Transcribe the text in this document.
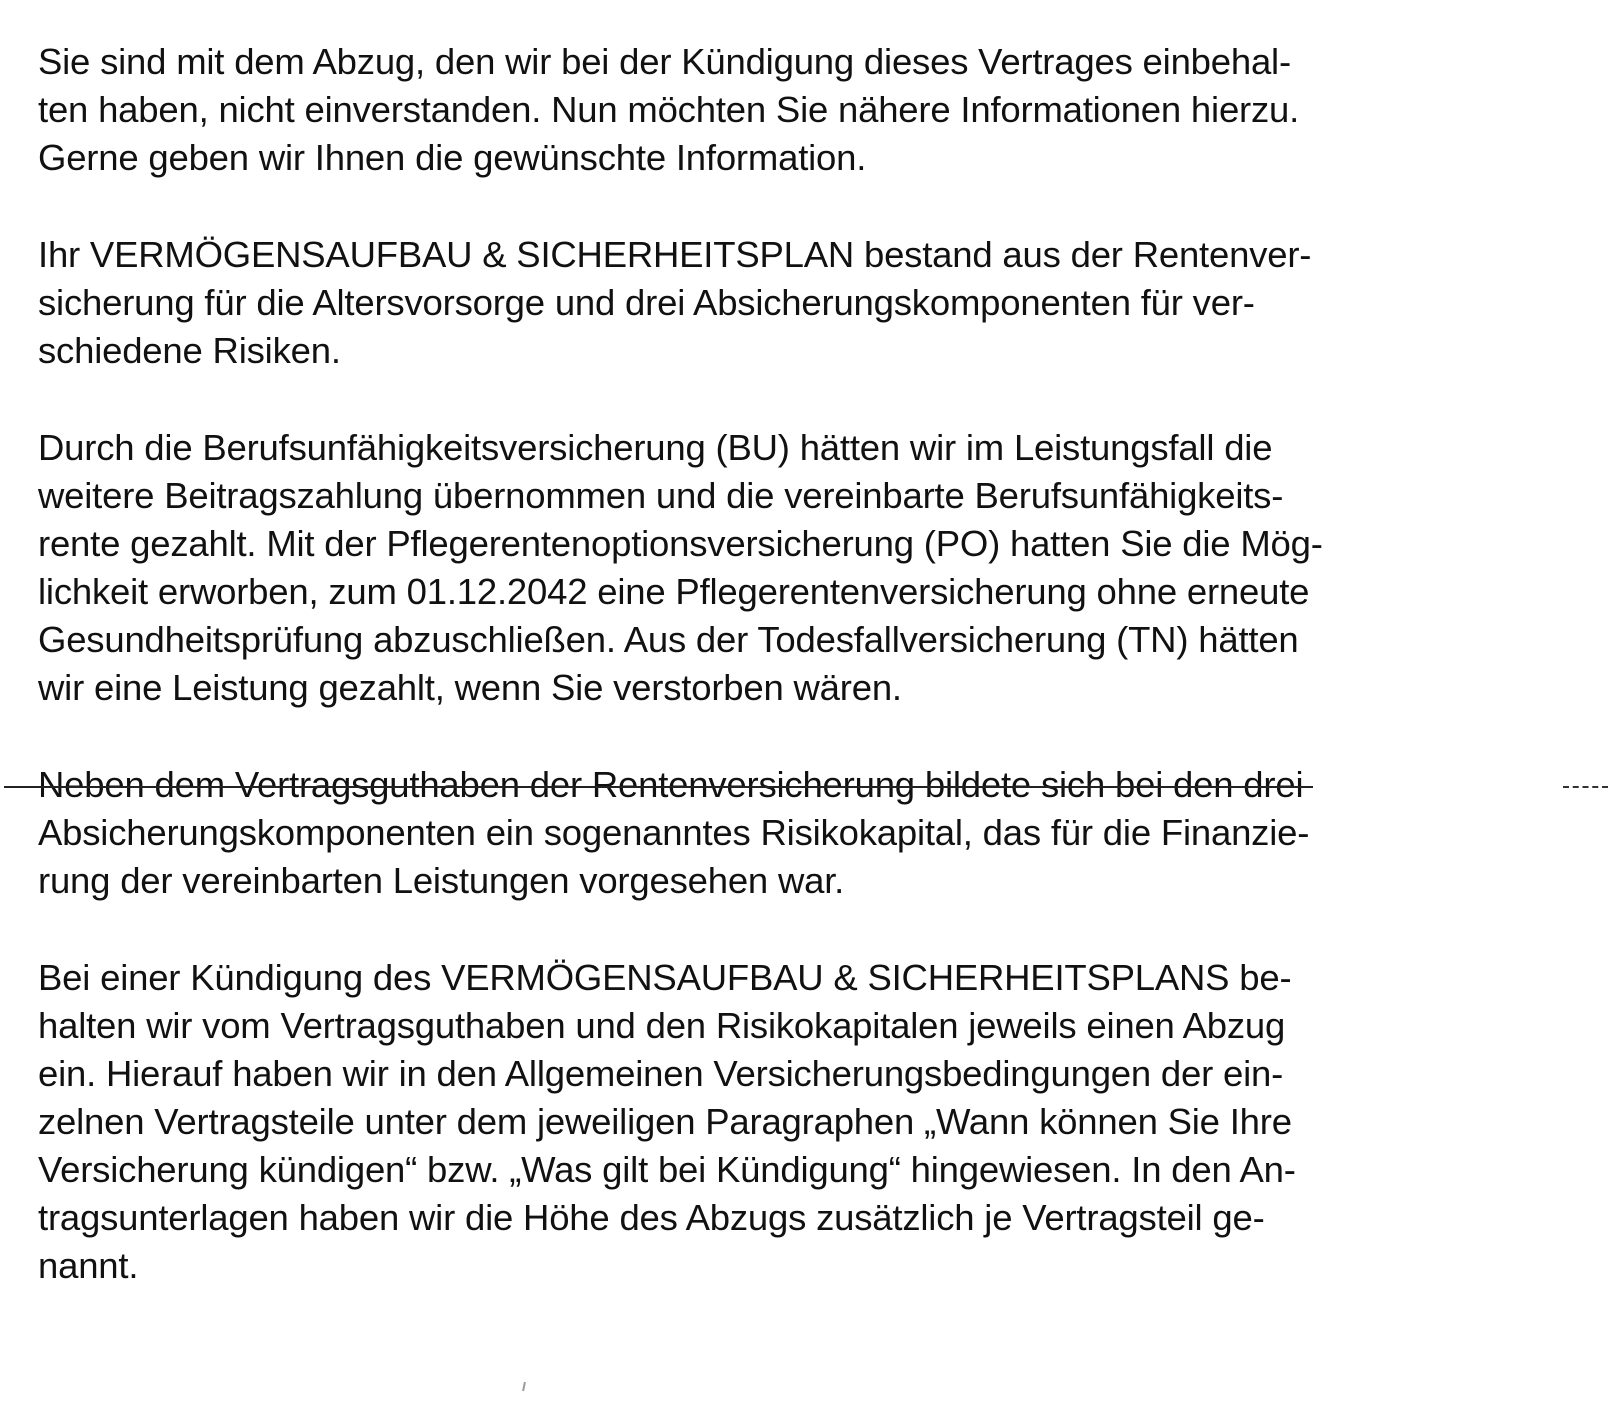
Sie sind mit dem Abzug, den wir bei der Kündigung dieses Vertrages einbehal-
ten haben, nicht einverstanden. Nun möchten Sie nähere Informationen hierzu.
Gerne geben wir Ihnen die gewünschte Information.

Ihr VERMÖGENSAUFBAU & SICHERHEITSPLAN bestand aus der Rentenver-
sicherung für die Altersvorsorge und drei Absicherungskomponenten für ver-
schiedene Risiken.

Durch die Berufsunfähigkeitsversicherung (BU) hätten wir im Leistungsfall die
weitere Beitragszahlung übernommen und die vereinbarte Berufsunfähigkeits-
rente gezahlt. Mit der Pflegerentenoptionsversicherung (PO) hatten Sie die Mög-
lichkeit erworben, zum 01.12.2042 eine Pflegerentenversicherung ohne erneute
Gesundheitsprüfung abzuschließen. Aus der Todesfallversicherung (TN) hätten
wir eine Leistung gezahlt, wenn Sie verstorben wären.

Neben dem Vertragsguthaben der Rentenversicherung bildete sich bei den drei
Absicherungskomponenten ein sogenanntes Risikokapital, das für die Finanzie-
rung der vereinbarten Leistungen vorgesehen war.

Bei einer Kündigung des VERMÖGENSAUFBAU & SICHERHEITSPLANS be-
halten wir vom Vertragsguthaben und den Risikokapitalen jeweils einen Abzug
ein. Hierauf haben wir in den Allgemeinen Versicherungsbedingungen der ein-
zelnen Vertragsteile unter dem jeweiligen Paragraphen „Wann können Sie Ihre
Versicherung kündigen“ bzw. „Was gilt bei Kündigung“ hingewiesen. In den An-
tragsunterlagen haben wir die Höhe des Abzugs zusätzlich je Vertragsteil ge-
nannt.
